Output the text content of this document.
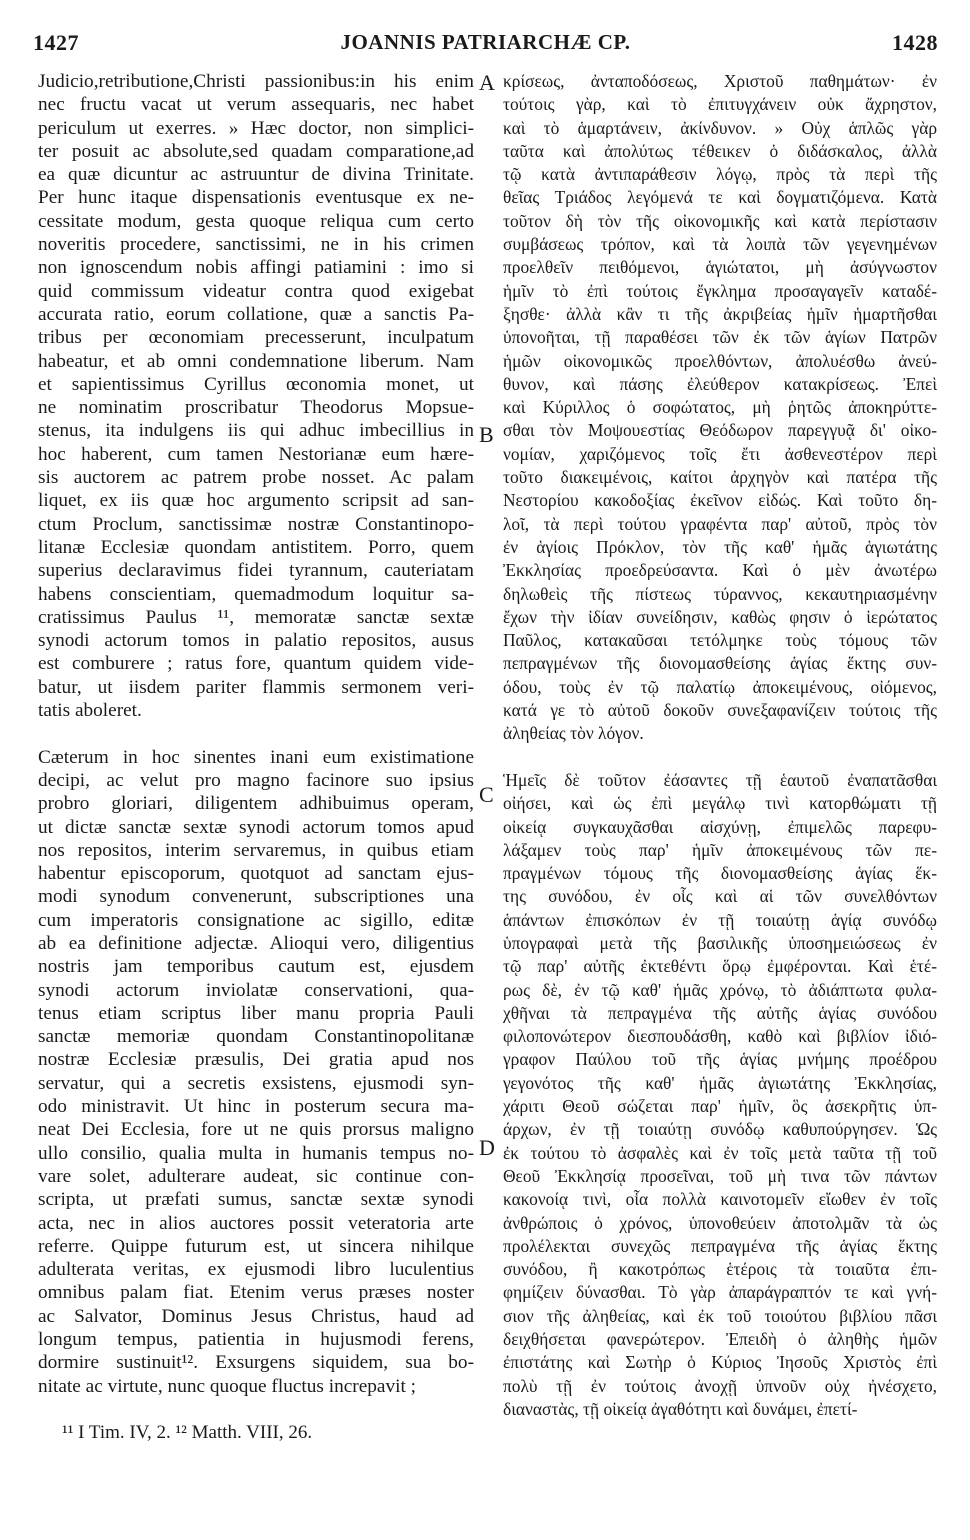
1427	JOANNIS PATRIARCHÆ CP.	1428
Judicio,retributione,Christi passionibus:in his enim
nec fructu vacat ut verum assequaris, nec habet
periculum ut exerres. » Hæc doctor, non simplici-
ter posuit ac absolute,sed quadam comparatione,ad
ea quæ dicuntur ac astruuntur de divina Trinitate.
Per hunc itaque dispensationis eventusque ex ne-
cessitate modum, gesta quoque reliqua cum certo
noveritis procedere, sanctissimi, ne in his crimen
non ignoscendum nobis affingi patiamini : imo si
quid commissum videatur contra quod exigebat
accurata ratio, eorum collatione, quæ a sanctis Pa-
tribus per œconomiam precesserunt, inculpatum
habeatur, et ab omni condemnatione liberum. Nam
et sapientissimus Cyrillus œconomia monet, ut
ne nominatim proscribatur Theodorus Mopsue-
stenus, ita indulgens iis qui adhuc imbecillius in
hoc haberent, cum tamen Nestorianæ eum hære-
sis auctorem ac patrem probe nosset. Ac palam
liquet, ex iis quæ hoc argumento scripsit ad san-
ctum Proclum, sanctissimæ nostræ Constantinopo-
litanæ Ecclesiæ quondam antistitem. Porro, quem
superius declaravimus fidei tyrannum, cauteriatam
habens conscientiam, quemadmodum loquitur sa-
cratissimus Paulus ¹¹, memoratæ sanctæ sextæ
synodi actorum tomos in palatio repositos, ausus
est comburere ; ratus fore, quantum quidem vide-
batur, ut iisdem pariter flammis sermonem veri-
tatis aboleret.
Cæterum in hoc sinentes inani eum existimatione
decipi, ac velut pro magno facinore suo ipsius
probro gloriari, diligentem adhibuimus operam,
ut dictæ sanctæ sextæ synodi actorum tomos apud
nos repositos, interim servaremus, in quibus etiam
habentur episcoporum, quotquot ad sanctam ejus-
modi synodum convenerunt, subscriptiones una
cum imperatoris consignatione ac sigillo, editæ
ab ea definitione adjectæ. Alioqui vero, diligentius
nostris jam temporibus cautum est, ejusdem
synodi actorum inviolatæ conservationi, qua-
tenus etiam scriptus liber manu propria Pauli
sanctæ memoriæ quondam Constantinopolitanæ
nostræ Ecclesiæ præsulis, Dei gratia apud nos
servatur, qui a secretis exsistens, ejusmodi syn-
odo ministravit. Ut hinc in posterum secura ma-
neat Dei Ecclesia, fore ut ne quis prorsus maligno
ullo consilio, qualia multa in humanis tempus no-
vare solet, adulterare audeat, sic continue con-
scripta, ut præfati sumus, sanctæ sextæ synodi
acta, nec in alios auctores possit veteratoria arte
referre. Quippe futurum est, ut sincera nihilque
adulterata veritas, ex ejusmodi libro luculentius
omnibus palam fiat. Etenim verus præses noster
ac Salvator, Dominus Jesus Christus, haud ad
longum tempus, patientia in hujusmodi ferens,
dormire sustinuit¹². Exsurgens siquidem, sua bo-
nitate ac virtute, nunc quoque fluctus increpavit ;
κρίσεως, ἀνταποδόσεως, Χριστοῦ παθημάτων· ἐν
τούτοις γὰρ, καὶ τὸ ἐπιτυγχάνειν οὐκ ἄχρηστον,
καὶ τὸ ἁμαρτάνειν, ἀκίνδυνον. » Οὐχ ἁπλῶς γὰρ
ταῦτα καὶ ἀπολύτως τέθεικεν ὁ διδάσκαλος, ἀλλὰ
τῷ κατὰ ἀντιπαράθεσιν λόγῳ, πρὸς τὰ περὶ τῆς
θεῖας Τριάδος λεγόμενά τε καὶ δογματιζόμενα. Κατὰ
τοῦτον δὴ τὸν τῆς οἰκονομικῆς καὶ κατὰ περίστασιν
συμβάσεως τρόπον, καὶ τὰ λοιπὰ τῶν γεγενημένων
προελθεῖν πειθόμενοι, ἁγιώτατοι, μὴ ἀσύγνωστον
ἡμῖν τὸ ἐπὶ τούτοις ἔγκλημα προσαγαγεῖν καταδέ-
ξησθε· ἀλλὰ κἂν τι τῆς ἀκριβείας ἡμῖν ἡμαρτῆσθαι
ὑπονοῆται, τῇ παραθέσει τῶν ἐκ τῶν ἁγίων Πατρῶν
ἡμῶν οἰκονομικῶς προελθόντων, ἀπολυέσθω ἀνεύ-
θυνον, καὶ πάσης ἐλεύθερον κατακρίσεως. Ἐπεὶ
καὶ Κύριλλος ὁ σοφώτατος, μὴ ῥητῶς ἀποκηρύττε-
σθαι τὸν Μοψουεστίας Θεόδωρον παρεγγυᾷ δι' οἰκο-
νομίαν, χαριζόμενος τοῖς ἔτι ἀσθενεστέρον περὶ
τοῦτο διακειμένοις, καίτοι ἀρχηγὸν καὶ πατέρα τῆς
Νεστορίου κακοδοξίας ἐκεῖνον εἰδώς. Καὶ τοῦτο δη-
λοῖ, τὰ περὶ τούτου γραφέντα παρ' αὐτοῦ, πρὸς τὸν
ἐν ἁγίοις Πρόκλον, τὸν τῆς καθ' ἡμᾶς ἁγιωτάτης
Ἐκκλησίας προεδρεύσαντα. Καὶ ὁ μὲν ἀνωτέρω
δηλωθεὶς τῆς πίστεως τύραννος, κεκαυτηριασμένην
ἔχων τὴν ἰδίαν συνείδησιν, καθὼς φησιν ὁ ἱερώτατος
Παῦλος, κατακαῦσαι τετόλμηκε τοὺς τόμους τῶν
πεπραγμένων τῆς διονομασθείσης ἁγίας ἕκτης συν-
όδου, τοὺς ἐν τῷ παλατίῳ ἀποκειμένους, οἰόμενος,
κατά γε τὸ αὐτοῦ δοκοῦν συνεξαφανίζειν τούτοις τῆς
ἀληθείας τὸν λόγον.
Ἡμεῖς δὲ τοῦτον ἐάσαντες τῇ ἑαυτοῦ ἐναπατᾶσθαι
οἰήσει, καὶ ὡς ἐπὶ μεγάλῳ τινὶ κατορθώματι τῇ
οἰκείᾳ συγκαυχᾶσθαι αἰσχύνῃ, ἐπιμελῶς παρεφυ-
λάξαμεν τοὺς παρ' ἡμῖν ἀποκειμένους τῶν πε-
πραγμένων τόμους τῆς διονομασθείσης ἁγίας ἕκ-
της συνόδου, ἐν οἷς καὶ αἱ τῶν συνελθόντων
ἁπάντων ἐπισκόπων ἐν τῇ τοιαύτῃ ἁγίᾳ συνόδῳ
ὑπογραφαὶ μετὰ τῆς βασιλικῆς ὑποσημειώσεως ἐν
τῷ παρ' αὐτῆς ἐκτεθέντι ὅρῳ ἐμφέρονται. Καὶ ἑτέ-
ρως δὲ, ἐν τῷ καθ' ἡμᾶς χρόνῳ, τὸ ἀδιάπτωτα φυλα-
χθῆναι τὰ πεπραγμένα τῆς αὐτῆς ἁγίας συνόδου
φιλοπονώτερον διεσπουδάσθη, καθὸ καὶ βιβλίον ἰδιό-
γραφον Παύλου τοῦ τῆς ἁγίας μνήμης προέδρου
γεγονότος τῆς καθ' ἡμᾶς ἁγιωτάτης Ἐκκλησίας,
χάριτι Θεοῦ σώζεται παρ' ἡμῖν, ὃς ἀσεκρῆτις ὑπ-
άρχων, ἐν τῇ τοιαύτῃ συνόδῳ καθυπούργησεν. Ὡς
ἐκ τούτου τὸ ἀσφαλὲς καὶ ἐν τοῖς μετὰ ταῦτα τῇ τοῦ
Θεοῦ Ἐκκλησίᾳ προσεῖναι, τοῦ μὴ τινα τῶν πάντων
κακονοίᾳ τινὶ, οἷα πολλὰ καινοτομεῖν εἴωθεν ἐν τοῖς
ἀνθρώποις ὁ χρόνος, ὑπονοθεύειν ἀποτολμᾶν τὰ ὡς
προλέλεκται συνεχῶς πεπραγμένα τῆς ἁγίας ἕκτης
συνόδου, ἢ κακοτρόπως ἑτέροις τὰ τοιαῦτα ἐπι-
φημίζειν δύνασθαι. Τὸ γὰρ ἀπαράγραπτόν τε καὶ γνή-
σιον τῆς ἀληθείας, καὶ ἐκ τοῦ τοιούτου βιβλίου πᾶσι
δειχθήσεται φανερώτερον. Ἐπειδὴ ὁ ἀληθὴς ἡμῶν
ἐπιστάτης καὶ Σωτὴρ ὁ Κύριος Ἰησοῦς Χριστὸς ἐπὶ
πολὺ τῇ ἐν τούτοις ἀνοχῇ ὑπνοῦν οὐχ ἠνέσχετο,
διαναστὰς, τῇ οἰκείᾳ ἀγαθότητι καὶ δυνάμει, ἐπετί-
A
B
C
D
¹¹ I Tim. IV, 2. ¹² Matth. VIII, 26.
